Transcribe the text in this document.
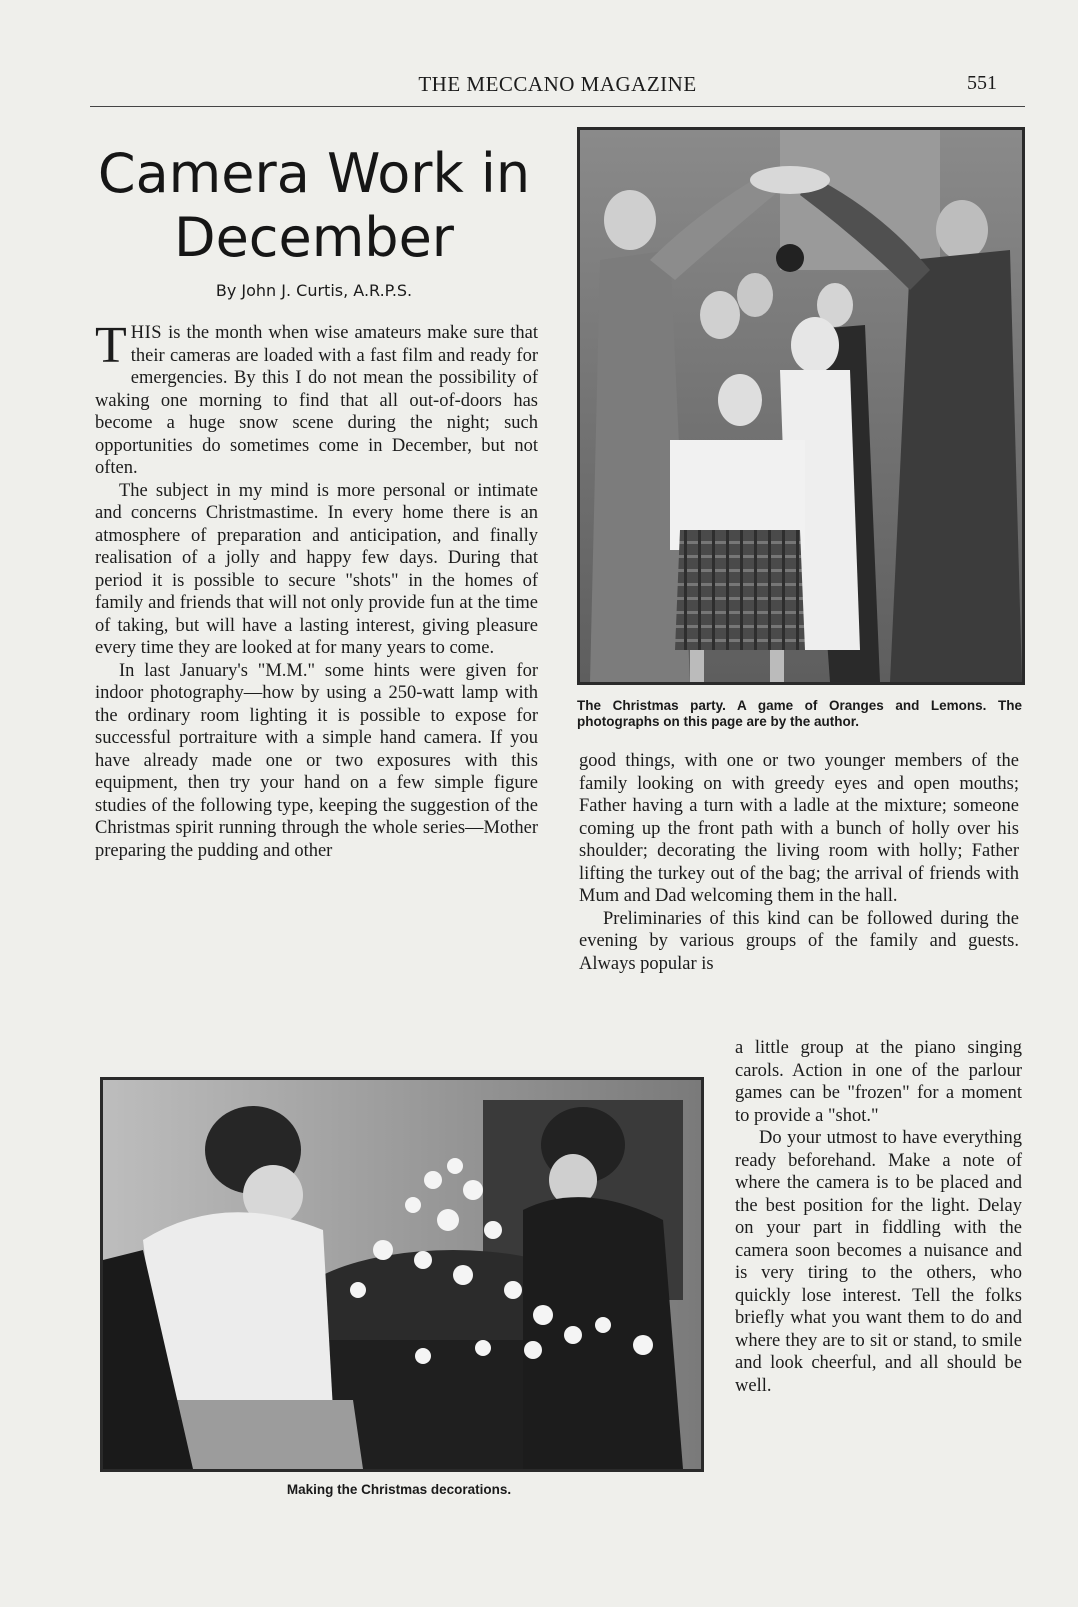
THE MECCANO MAGAZINE	551
Camera Work in
December
By John J. Curtis, A.R.P.S.

THIS is the month when wise amateurs make sure that their cameras are loaded with a fast film and ready for emergencies. By this I do not mean the possibility of waking one morning to find that all out-of-doors has become a huge snow scene during the night; such opportunities do sometimes come in December, but not often.

The subject in my mind is more personal or intimate and concerns Christmastime. In every home there is an atmosphere of preparation and anticipation, and finally realisation of a jolly and happy few days. During that period it is possible to secure "shots" in the homes of family and friends that will not only provide fun at the time of taking, but will have a lasting interest, giving pleasure every time they are looked at for many years to come.

In last January's "M.M." some hints were given for indoor photography—how by using a 250-watt lamp with the ordinary room lighting it is possible to expose for successful portraiture with a simple hand camera. If you have already made one or two exposures with this equipment, then try your hand on a few simple figure studies of the following type, keeping the suggestion of the Christmas spirit running through the whole series—Mother preparing the pudding and other

The Christmas party. A game of Oranges and Lemons. The photographs on this page are by the author.

good things, with one or two younger members of the family looking on with greedy eyes and open mouths; Father having a turn with a ladle at the mixture; someone coming up the front path with a bunch of holly over his shoulder; decorating the living room with holly; Father lifting the turkey out of the bag; the arrival of friends with Mum and Dad welcoming them in the hall.

Preliminaries of this kind can be followed during the evening by various groups of the family and guests. Always popular is

a little group at the piano singing carols. Action in one of the parlour games can be "frozen" for a moment to provide a "shot."

Do your utmost to have everything ready beforehand. Make a note of where the camera is to be placed and the best position for the light. Delay on your part in fiddling with the camera soon becomes a nuisance and is very tiring to the others, who quickly lose interest. Tell the folks briefly what you want them to do and where they are to sit or stand, to smile and look cheerful, and all should be well.

Making the Christmas decorations.
